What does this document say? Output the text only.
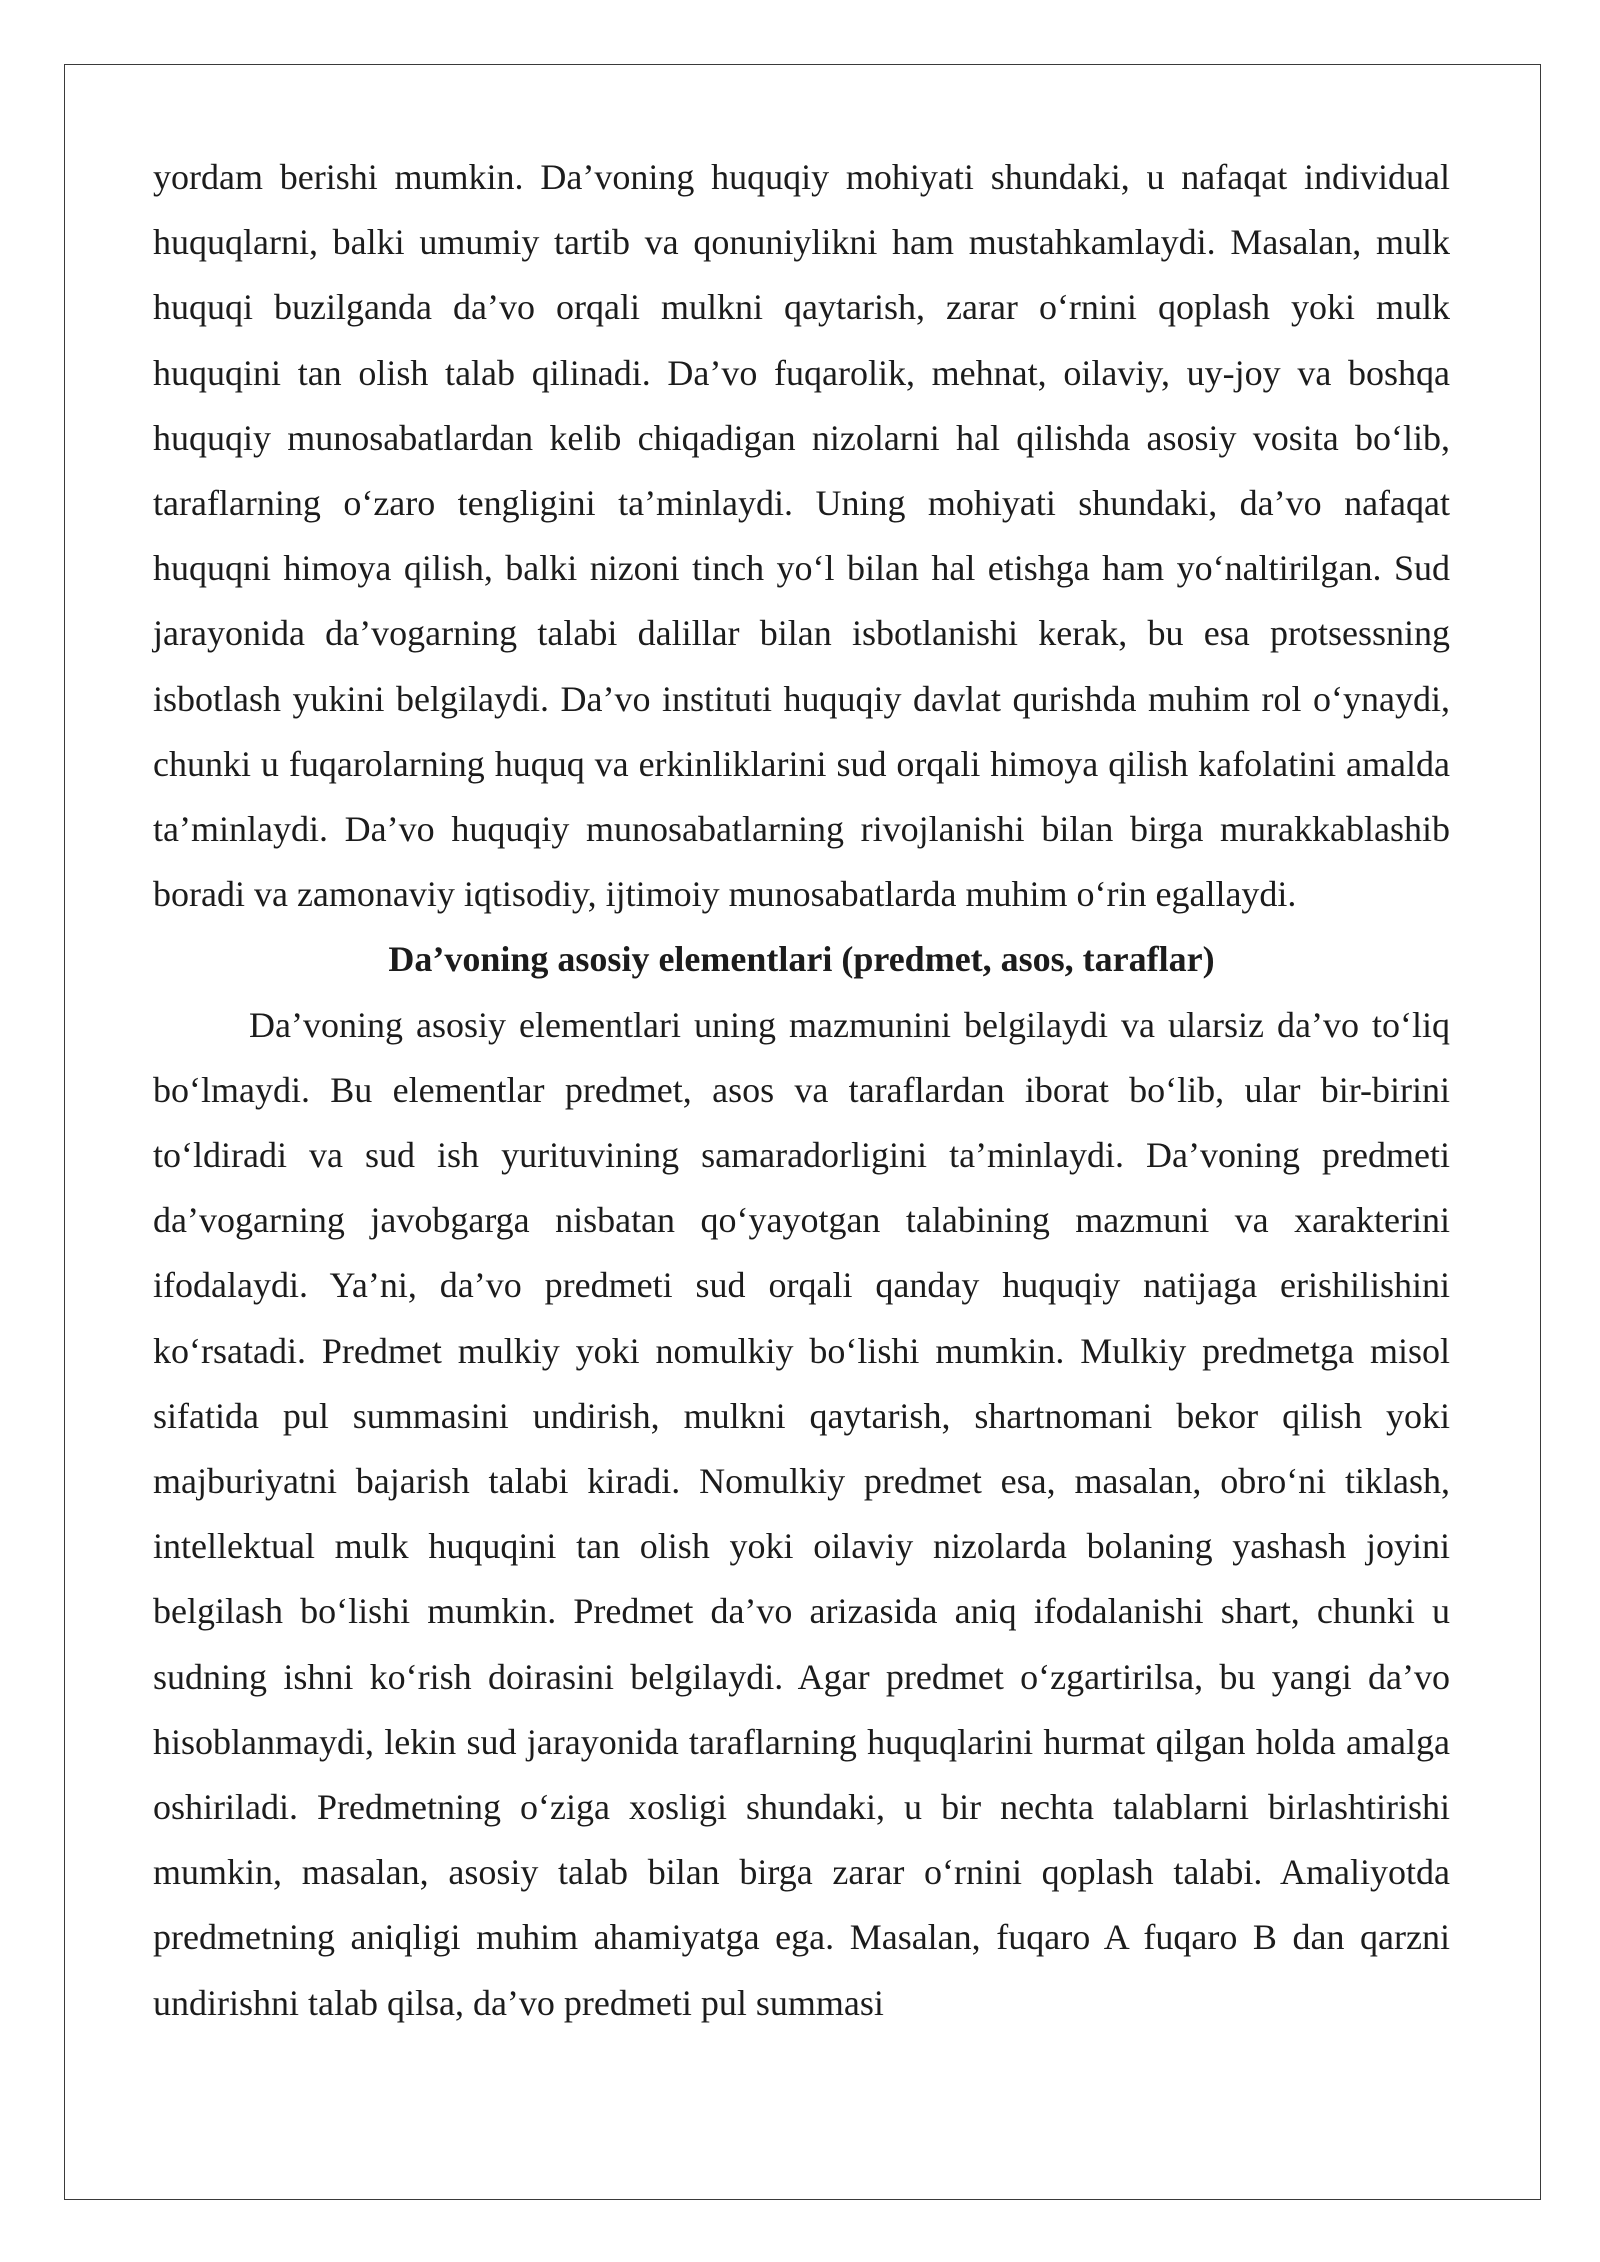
yordam berishi mumkin. Da’voning huquqiy mohiyati shundaki, u nafaqat individual huquqlarni, balki umumiy tartib va qonuniylikni ham mustahkamlaydi. Masalan, mulk huquqi buzilganda da’vo orqali mulkni qaytarish, zarar o‘rnini qoplash yoki mulk huquqini tan olish talab qilinadi. Da’vo fuqarolik, mehnat, oilaviy, uy-joy va boshqa huquqiy munosabatlardan kelib chiqadigan nizolarni hal qilishda asosiy vosita bo‘lib, taraflarning o‘zaro tengligini ta’minlaydi. Uning mohiyati shundaki, da’vo nafaqat huquqni himoya qilish, balki nizoni tinch yo‘l bilan hal etishga ham yo‘naltirilgan. Sud jarayonida da’vogarning talabi dalillar bilan isbotlanishi kerak, bu esa protsessning isbotlash yukini belgilaydi. Da’vo instituti huquqiy davlat qurishda muhim rol o‘ynaydi, chunki u fuqarolarning huquq va erkinliklarini sud orqali himoya qilish kafolatini amalda ta’minlaydi. Da’vo huquqiy munosabatlarning rivojlanishi bilan birga murakkablashib boradi va zamonaviy iqtisodiy, ijtimoiy munosabatlarda muhim o‘rin egallaydi.

Da’voning asosiy elementlari (predmet, asos, taraflar)

Da’voning asosiy elementlari uning mazmunini belgilaydi va ularsiz da’vo to‘liq bo‘lmaydi. Bu elementlar predmet, asos va taraflardan iborat bo‘lib, ular bir-birini to‘ldiradi va sud ish yurituvining samaradorligini ta’minlaydi. Da’voning predmeti da’vogarning javobgarga nisbatan qo‘yayotgan talabining mazmuni va xarakterini ifodalaydi. Ya’ni, da’vo predmeti sud orqali qanday huquqiy natijaga erishilishini ko‘rsatadi. Predmet mulkiy yoki nomulkiy bo‘lishi mumkin. Mulkiy predmetga misol sifatida pul summasini undirish, mulkni qaytarish, shartnomani bekor qilish yoki majburiyatni bajarish talabi kiradi. Nomulkiy predmet esa, masalan, obro‘ni tiklash, intellektual mulk huquqini tan olish yoki oilaviy nizolarda bolaning yashash joyini belgilash bo‘lishi mumkin. Predmet da’vo arizasida aniq ifodalanishi shart, chunki u sudning ishni ko‘rish doirasini belgilaydi. Agar predmet o‘zgartirilsa, bu yangi da’vo hisoblanmaydi, lekin sud jarayonida taraflarning huquqlarini hurmat qilgan holda amalga oshiriladi. Predmetning o‘ziga xosligi shundaki, u bir nechta talablarni birlashtirishi mumkin, masalan, asosiy talab bilan birga zarar o‘rnini qoplash talabi. Amaliyotda predmetning aniqligi muhim ahamiyatga ega. Masalan, fuqaro A fuqaro B dan qarzni undirishni talab qilsa, da’vo predmeti pul summasi
